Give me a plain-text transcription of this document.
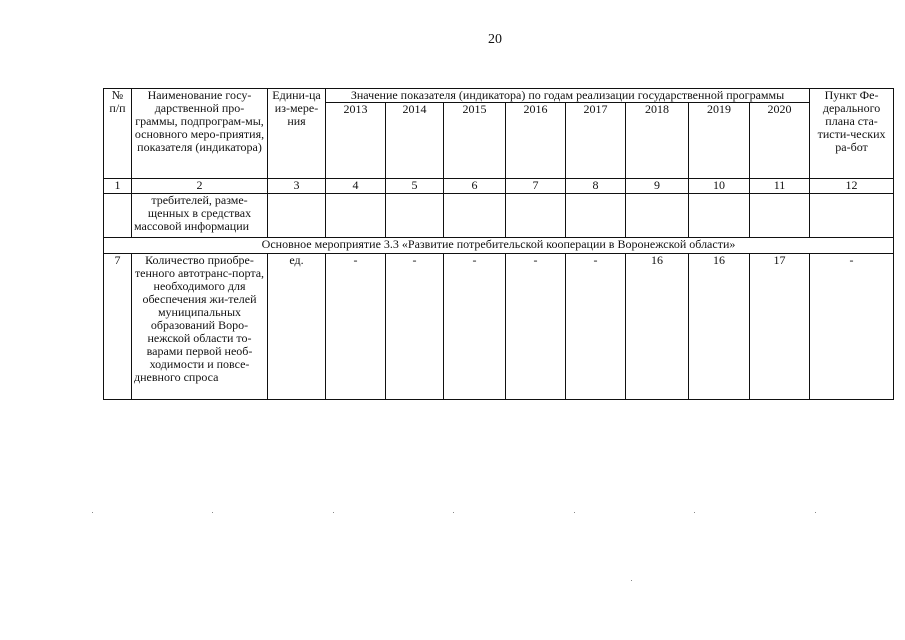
20
№ п/п	Наименование госу-дарственной про-граммы, подпрограм-мы, основного меро-приятия, показателя (индикатора)	Едини-ца из-мере-ния	Значение показателя (индикатора) по годам реализации государственной программы								Пункт Фе-дерального плана ста-тисти-ческих ра-бот
			2013	2014	2015	2016	2017	2018	2019	2020	
1	2	3	4	5	6	7	8	9	10	11	12
	требителей, разме-щенных в средствах массовой информации										
Основное мероприятие 3.3 «Развитие потребительской кооперации в Воронежской области»											
7	Количество приобре-тенного автотранс-порта, необходимого для обеспечения жи-телей муниципальных образований Воро-нежской области то-варами первой необ-ходимости и повсе-дневного спроса	ед.	-	-	-	-	-	16	16	17	-
